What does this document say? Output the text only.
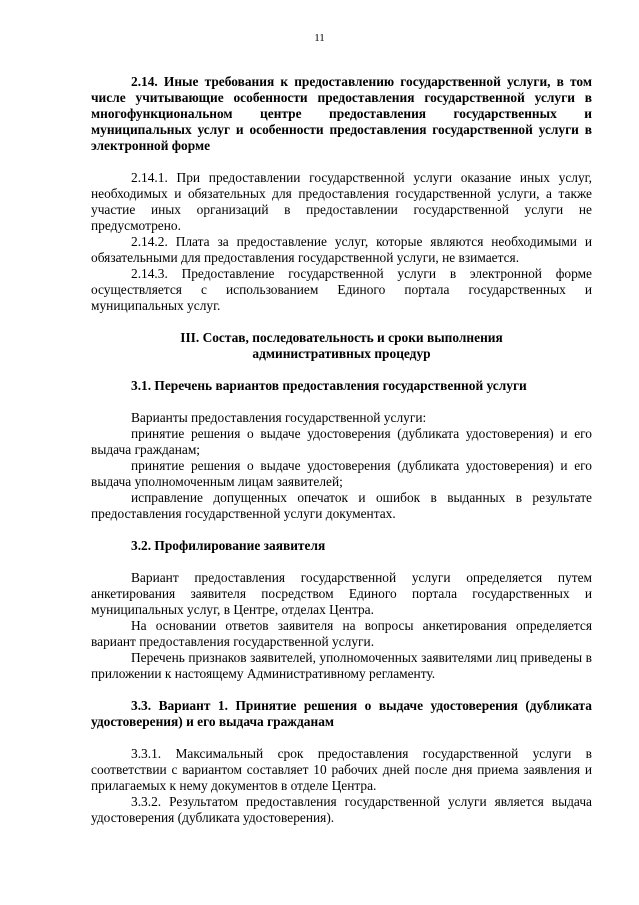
11

2.14. Иные требования к предоставлению государственной услуги, в том числе учитывающие особенности предоставления государственной услуги в многофункциональном центре предоставления государственных и муниципальных услуг и особенности предоставления государственной услуги в электронной форме

2.14.1. При предоставлении государственной услуги оказание иных услуг, необходимых и обязательных для предоставления государственной услуги, а также участие иных организаций в предоставлении государственной услуги не предусмотрено.

2.14.2. Плата за предоставление услуг, которые являются необходимыми и обязательными для предоставления государственной услуги, не взимается.

2.14.3. Предоставление государственной услуги в электронной форме осуществляется с использованием Единого портала государственных и муниципальных услуг.

III. Состав, последовательность и сроки выполнения административных процедур

3.1. Перечень вариантов предоставления государственной услуги

Варианты предоставления государственной услуги:

принятие решения о выдаче удостоверения (дубликата удостоверения) и его выдача гражданам;

принятие решения о выдаче удостоверения (дубликата удостоверения) и его выдача уполномоченным лицам заявителей;

исправление допущенных опечаток и ошибок в выданных в результате предоставления государственной услуги документах.

3.2. Профилирование заявителя

Вариант предоставления государственной услуги определяется путем анкетирования заявителя посредством Единого портала государственных и муниципальных услуг, в Центре, отделах Центра.

На основании ответов заявителя на вопросы анкетирования определяется вариант предоставления государственной услуги.

Перечень признаков заявителей, уполномоченных заявителями лиц приведены в приложении к настоящему Административному регламенту.

3.3. Вариант 1. Принятие решения о выдаче удостоверения (дубликата удостоверения) и его выдача гражданам

3.3.1. Максимальный срок предоставления государственной услуги в соответствии с вариантом составляет 10 рабочих дней после дня приема заявления и прилагаемых к нему документов в отделе Центра.

3.3.2. Результатом предоставления государственной услуги является выдача удостоверения (дубликата удостоверения).
